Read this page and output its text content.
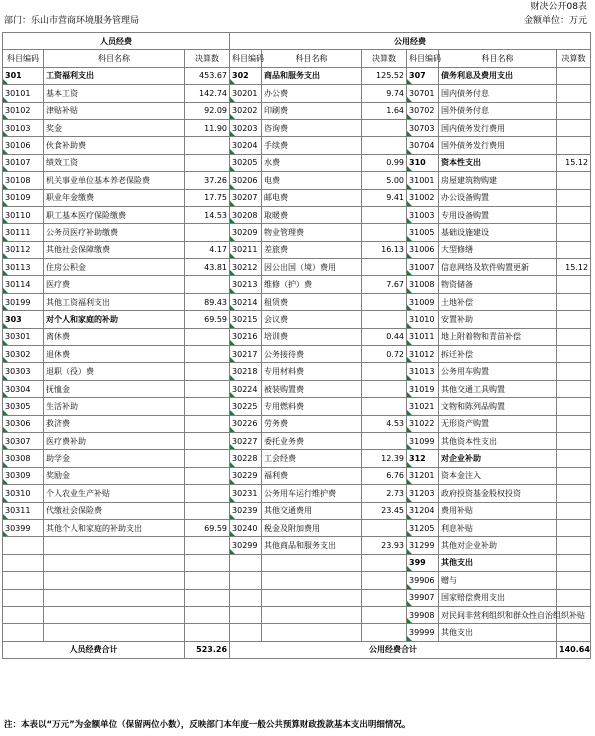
财决公开08表
部门：乐山市营商环境服务管理局	金额单位：万元
人员经费			公用经费					
科目编码	科目名称	决算数	科目编码	科目名称	决算数	科目编码	科目名称	决算数
301	工资福利支出	453.67	302	商品和服务支出	125.52	307	债务利息及费用支出	
30101	基本工资	142.74	30201	办公费	9.74	30701	国内债务付息	
30102	津贴补贴	92.09	30202	印刷费	1.64	30702	国外债务付息	
30103	奖金	11.90	30203	咨询费		30703	国内债务发行费用	
30106	伙食补助费		30204	手续费		30704	国外债务发行费用	
30107	绩效工资		30205	水费	0.99	310	资本性支出	15.12
30108	机关事业单位基本养老保险费	37.26	30206	电费	5.00	31001	房屋建筑物购建	
30109	职业年金缴费	17.75	30207	邮电费	9.41	31002	办公设备购置	
30110	职工基本医疗保险缴费	14.53	30208	取暖费		31003	专用设备购置	
30111	公务员医疗补助缴费		30209	物业管理费		31005	基础设施建设	
30112	其他社会保障缴费	4.17	30211	差旅费	16.13	31006	大型修缮	
30113	住房公积金	43.81	30212	因公出国（境）费用		31007	信息网络及软件购置更新	15.12
30114	医疗费		30213	维修（护）费	7.67	31008	物资储备	
30199	其他工资福利支出	89.43	30214	租赁费		31009	土地补偿	
303	对个人和家庭的补助	69.59	30215	会议费		31010	安置补助	
30301	离休费		30216	培训费	0.44	31011	地上附着物和青苗补偿	
30302	退休费		30217	公务接待费	0.72	31012	拆迁补偿	
30303	退职（役）费		30218	专用材料费		31013	公务用车购置	
30304	抚恤金		30224	被装购置费		31019	其他交通工具购置	
30305	生活补助		30225	专用燃料费		31021	文物和陈列品购置	
30306	救济费		30226	劳务费	4.53	31022	无形资产购置	
30307	医疗费补助		30227	委托业务费		31099	其他资本性支出	
30308	助学金		30228	工会经费	12.39	312	对企业补助	
30309	奖励金		30229	福利费	6.76	31201	资本金注入	
30310	个人农业生产补贴		30231	公务用车运行维护费	2.73	31203	政府投资基金股权投资	
30311	代缴社会保险费		30239	其他交通费用	23.45	31204	费用补贴	
30399	其他个人和家庭的补助支出	69.59	30240	税金及附加费用		31205	利息补贴	
			30299	其他商品和服务支出	23.93	31299	其他对企业补助	
						399	其他支出	
						39906	赠与	
						39907	国家赔偿费用支出	
						39908	对民间非营利组织和群众性自治组织补贴	
						39999	其他支出	
人员经费合计		523.26	公用经费合计					140.64
注：本表以“万元”为金额单位（保留两位小数），反映部门本年度一般公共预算财政拨款基本支出明细情况。
